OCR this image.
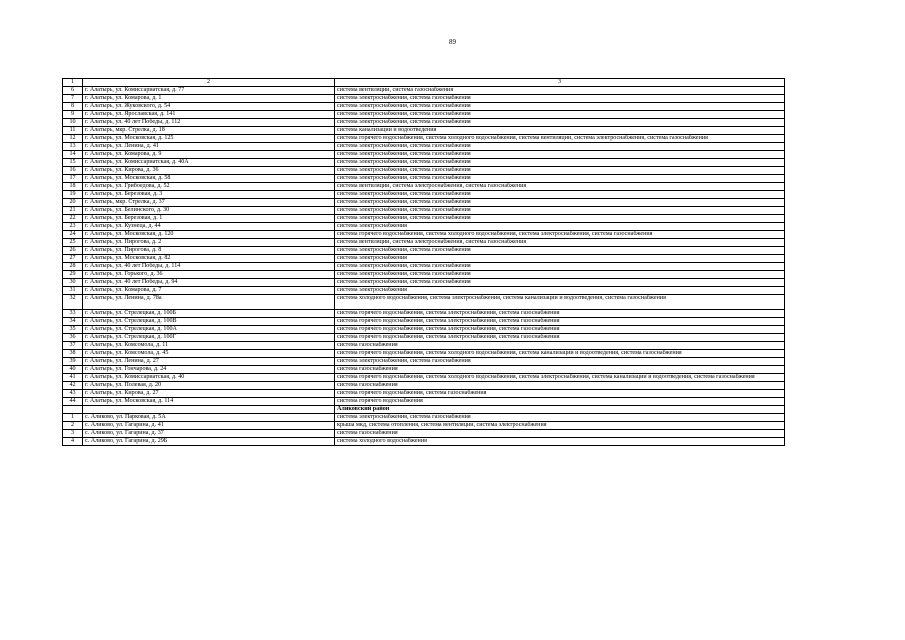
89
1	2	3
6	г. Алатырь, ул. Комиссариатская, д. 77	система вентиляции, система газоснабжения
7	г. Алатырь, ул. Комарова, д. 1	система электроснабжения, система газоснабжения
8	г. Алатырь, ул. Жуковского, д. 54	система электроснабжения, система газоснабжения
9	г. Алатырь, ул. Ярославская, д. 141	система электроснабжения, система газоснабжения
10	г. Алатырь, ул. 40 лет Победы, д. 112	система электроснабжения, система газоснабжения
11	г. Алатырь, мкр. Стрелка, д. 18	система канализации и водоотведения
12	г. Алатырь, ул. Московская, д. 125	система горячего водоснабжения, система холодного водоснабжения, система вентиляции, система электроснабжения, система газоснабжения
13	г. Алатырь, ул. Ленина, д. 41	система электроснабжения, система газоснабжения
14	г. Алатырь, ул. Комарова, д. 9	система электроснабжения, система газоснабжения
15	г. Алатырь, ул. Комиссариатская, д. 40А	система электроснабжения, система газоснабжения
16	г. Алатырь, ул. Кирова, д. 36	система электроснабжения, система газоснабжения
17	г. Алатырь, ул. Московская, д. 58	система электроснабжения, система газоснабжения
18	г. Алатырь, ул. Грибоедова, д. 52	система вентиляции, система электроснабжения, система газоснабжения
19	г. Алатырь, ул. Березовая, д. 3	система электроснабжения, система газоснабжения
20	г. Алатырь, мкр. Стрелка, д. 37	система электроснабжения, система газоснабжения
21	г. Алатырь, ул. Белинского, д. 30	система электроснабжения, система газоснабжения
22	г. Алатырь, ул. Березовая, д. 1	система электроснабжения, система газоснабжения
23	г. Алатырь, ул. Кузнеца, д. 44	система электроснабжения
24	г. Алатырь, ул. Московская, д. 120	система горячего водоснабжения, система холодного водоснабжения, система электроснабжения, система газоснабжения
25	г. Алатырь, ул. Пирогова, д. 2	система вентиляции, система электроснабжения, система газоснабжения
26	г. Алатырь, ул. Пирогова, д. 8	система электроснабжения, система газоснабжения
27	г. Алатырь, ул. Московская, д. 82	система электроснабжения
28	г. Алатырь, ул. 40 лет Победы, д. 114	система электроснабжения, система газоснабжения
29	г. Алатырь, ул. Горького, д. 36	система электроснабжения, система газоснабжения
30	г. Алатырь, ул. 40 лет Победы, д. 94	система электроснабжения, система газоснабжения
31	г. Алатырь, ул. Комарова, д. 7	система электроснабжения
32	г. Алатырь, ул. Ленина, д. 78а	система холодного водоснабжения, система электроснабжения, система канализации и водоотведения, система газоснабжения
33	г. Алатырь, ул. Стрелецкая, д. 100Б	система горячего водоснабжения, система электроснабжения, система газоснабжения
34	г. Алатырь, ул. Стрелецкая, д. 100В	система горячего водоснабжения, система электроснабжения, система газоснабжения
35	г. Алатырь, ул. Стрелецкая, д. 100А	система горячего водоснабжения, система электроснабжения, система газоснабжения
36	г. Алатырь, ул. Стрелецкая, д. 100Г	система горячего водоснабжения, система электроснабжения, система газоснабжения
37	г. Алатырь, ул. Комсомола, д. 11	система газоснабжения
38	г. Алатырь, ул. Комсомола, д. 45	система горячего водоснабжения, система холодного водоснабжения, система канализации и водоотведения, система газоснабжения
39	г. Алатырь, ул. Ленина, д. 27	система электроснабжения, система газоснабжения
40	г. Алатырь, ул. Гончарова, д. 24	система газоснабжения
41	г. Алатырь, ул. Комиссариатская, д. 40	система горячего водоснабжения, система холодного водоснабжения, система электроснабжения, система канализации и водоотведения, система газоснабжения
42	г. Алатырь, ул. Полевая, д. 20	система газоснабжения
43	г. Алатырь, ул. Кирова, д. 27	система горячего водоснабжения, система газоснабжения
44	г. Алатырь, ул. Московская, д. 114	система горячего водоснабжения
		Аликовский район
1	с. Аликово, ул. Парковая, д. 5А	система электроснабжения, система газоснабжения
2	с. Аликово, ул. Гагарина, д. 41	крыша мкд, система отопления, система вентиляции, система электроснабжения
3	с. Аликово, ул. Гагарина, д. 37	система газоснабжения
4	с. Аликово, ул. Гагарина, д. 29Б	система холодного водоснабжения
